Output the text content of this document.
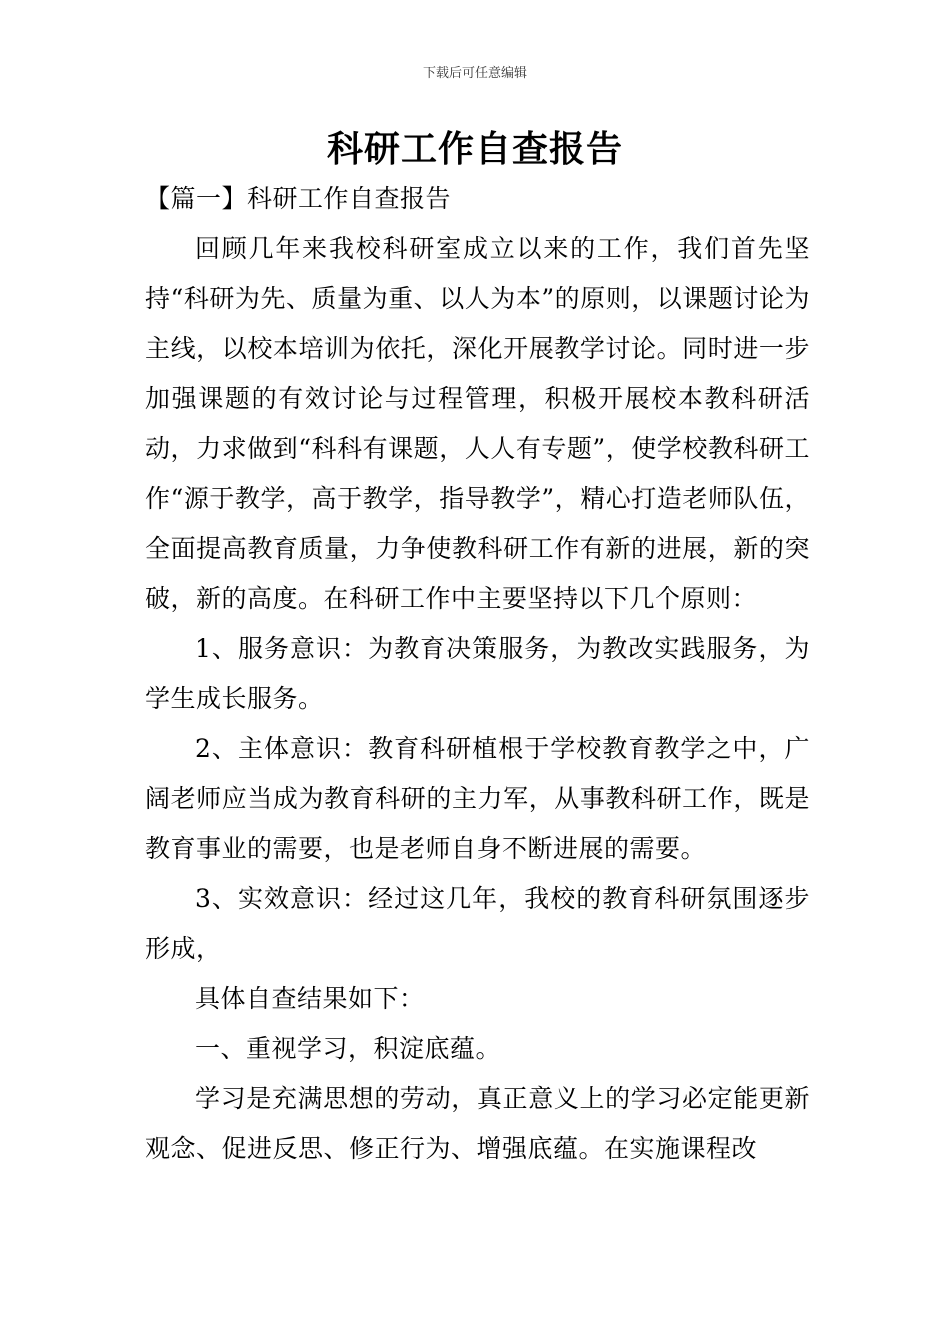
下载后可任意编辑
科研工作自查报告

【篇一】科研工作自查报告

回顾几年来我校科研室成立以来的工作，我们首先坚持“科研为先、质量为重、以人为本”的原则，以课题讨论为主线，以校本培训为依托，深化开展教学讨论。同时进一步加强课题的有效讨论与过程管理，积极开展校本教科研活动，力求做到“科科有课题，人人有专题”，使学校教科研工作“源于教学，高于教学，指导教学”，精心打造老师队伍，全面提高教育质量，力争使教科研工作有新的进展，新的突破，新的高度。在科研工作中主要坚持以下几个原则：

1、服务意识：为教育决策服务，为教改实践服务，为学生成长服务。

2、主体意识：教育科研植根于学校教育教学之中，广阔老师应当成为教育科研的主力军，从事教科研工作，既是教育事业的需要，也是老师自身不断进展的需要。

3、实效意识：经过这几年，我校的教育科研氛围逐步形成，

具体自查结果如下：

一、重视学习，积淀底蕴。

学习是充满思想的劳动，真正意义上的学习必定能更新观念、促进反思、修正行为、增强底蕴。在实施课程改
